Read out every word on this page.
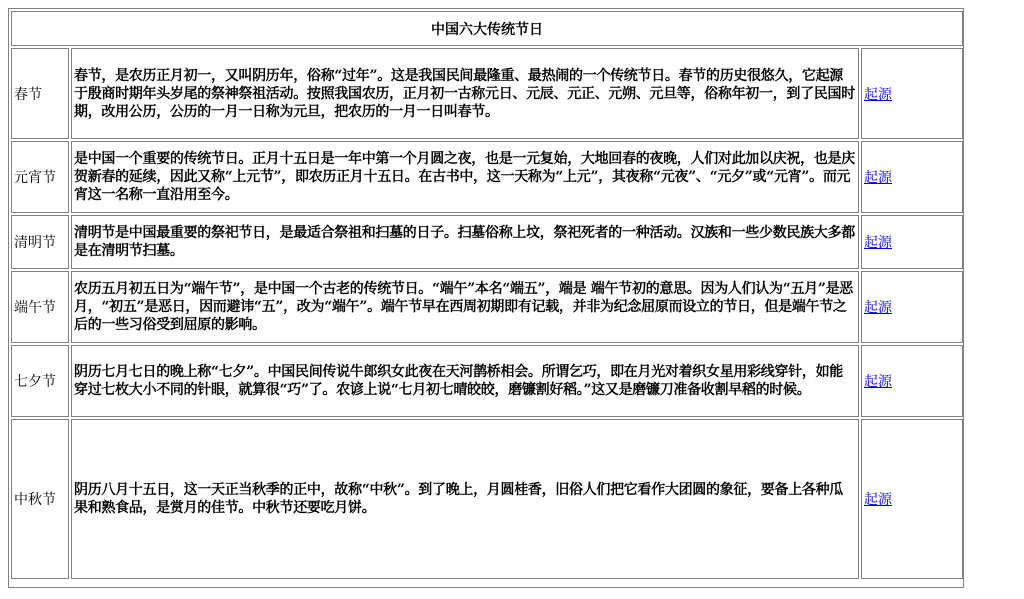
中国六大传统节日		
春节	春节，是农历正月初一，又叫阴历年，俗称“过年”。这是我国民间最隆重、最热闹的一个传统节日。春节的历史很悠久，它起源于殷商时期年头岁尾的祭神祭祖活动。按照我国农历，正月初一古称元日、元辰、元正、元朔、元旦等，俗称年初一，到了民国时期，改用公历，公历的一月一日称为元旦，把农历的一月一日叫春节。	起源
元宵节	是中国一个重要的传统节日。正月十五日是一年中第一个月圆之夜，也是一元复始，大地回春的夜晚，人们对此加以庆祝，也是庆贺新春的延续，因此又称“上元节”，即农历正月十五日。在古书中，这一天称为“上元”，其夜称“元夜”、“元夕”或“元宵”。而元宵这一名称一直沿用至今。	起源
清明节	清明节是中国最重要的祭祀节日，是最适合祭祖和扫墓的日子。扫墓俗称上坟，祭祀死者的一种活动。汉族和一些少数民族大多都是在清明节扫墓。	起源
端午节	农历五月初五日为“端午节”，是中国一个古老的传统节日。“端午”本名“端五”，端是 端午节初的意思。因为人们认为“五月”是恶月，“初五”是恶日，因而避讳“五”，改为“端午”。端午节早在西周初期即有记载，并非为纪念屈原而设立的节日，但是端午节之后的一些习俗受到屈原的影响。	起源
七夕节	阴历七月七日的晚上称“七夕”。中国民间传说牛郎织女此夜在天河鹊桥相会。所谓乞巧，即在月光对着织女星用彩线穿针，如能穿过七枚大小不同的针眼，就算很“巧”了。农谚上说“七月初七晴皎皎，磨镰割好稻。”这又是磨镰刀准备收割早稻的时候。	起源
中秋节	阴历八月十五日，这一天正当秋季的正中，故称“中秋”。到了晚上，月圆桂香，旧俗人们把它看作大团圆的象征，要备上各种瓜果和熟食品，是赏月的佳节。中秋节还要吃月饼。	起源
